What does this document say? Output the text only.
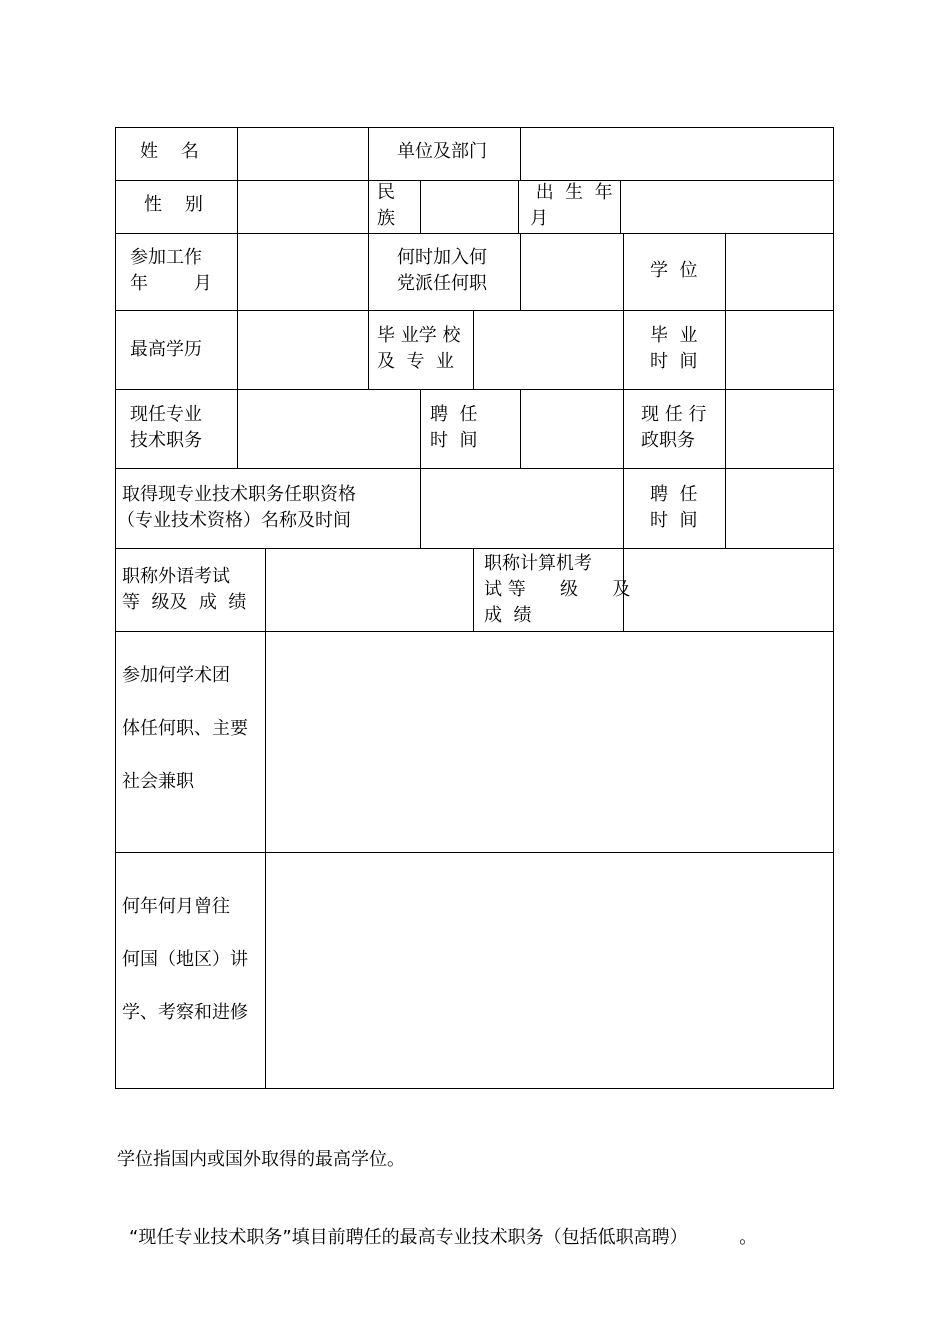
姓    名	单位及部门
性    别
民
族
出  生  年
月
参加工作
年        月
何时加入何
党派任何职
学  位
最高学历
毕 业学 校
及  专  业
毕  业
时  间
现任专业
技术职务
聘  任
时  间
现 任 行
政职务
取得现专业技术职务任职资格
（专业技术资格）名称及时间
聘  任
时  间
职称外语考试
等  级及  成  绩
职称计算机考
试 等      级      及
成  绩
参加何学术团
体任何职、主要
社会兼职
何年何月曾往
何国（地区）讲
学、考察和进修

学位指国内或国外取得的最高学位。

“现任专业技术职务”填目前聘任的最高专业技术职务（包括低职高聘）         。
